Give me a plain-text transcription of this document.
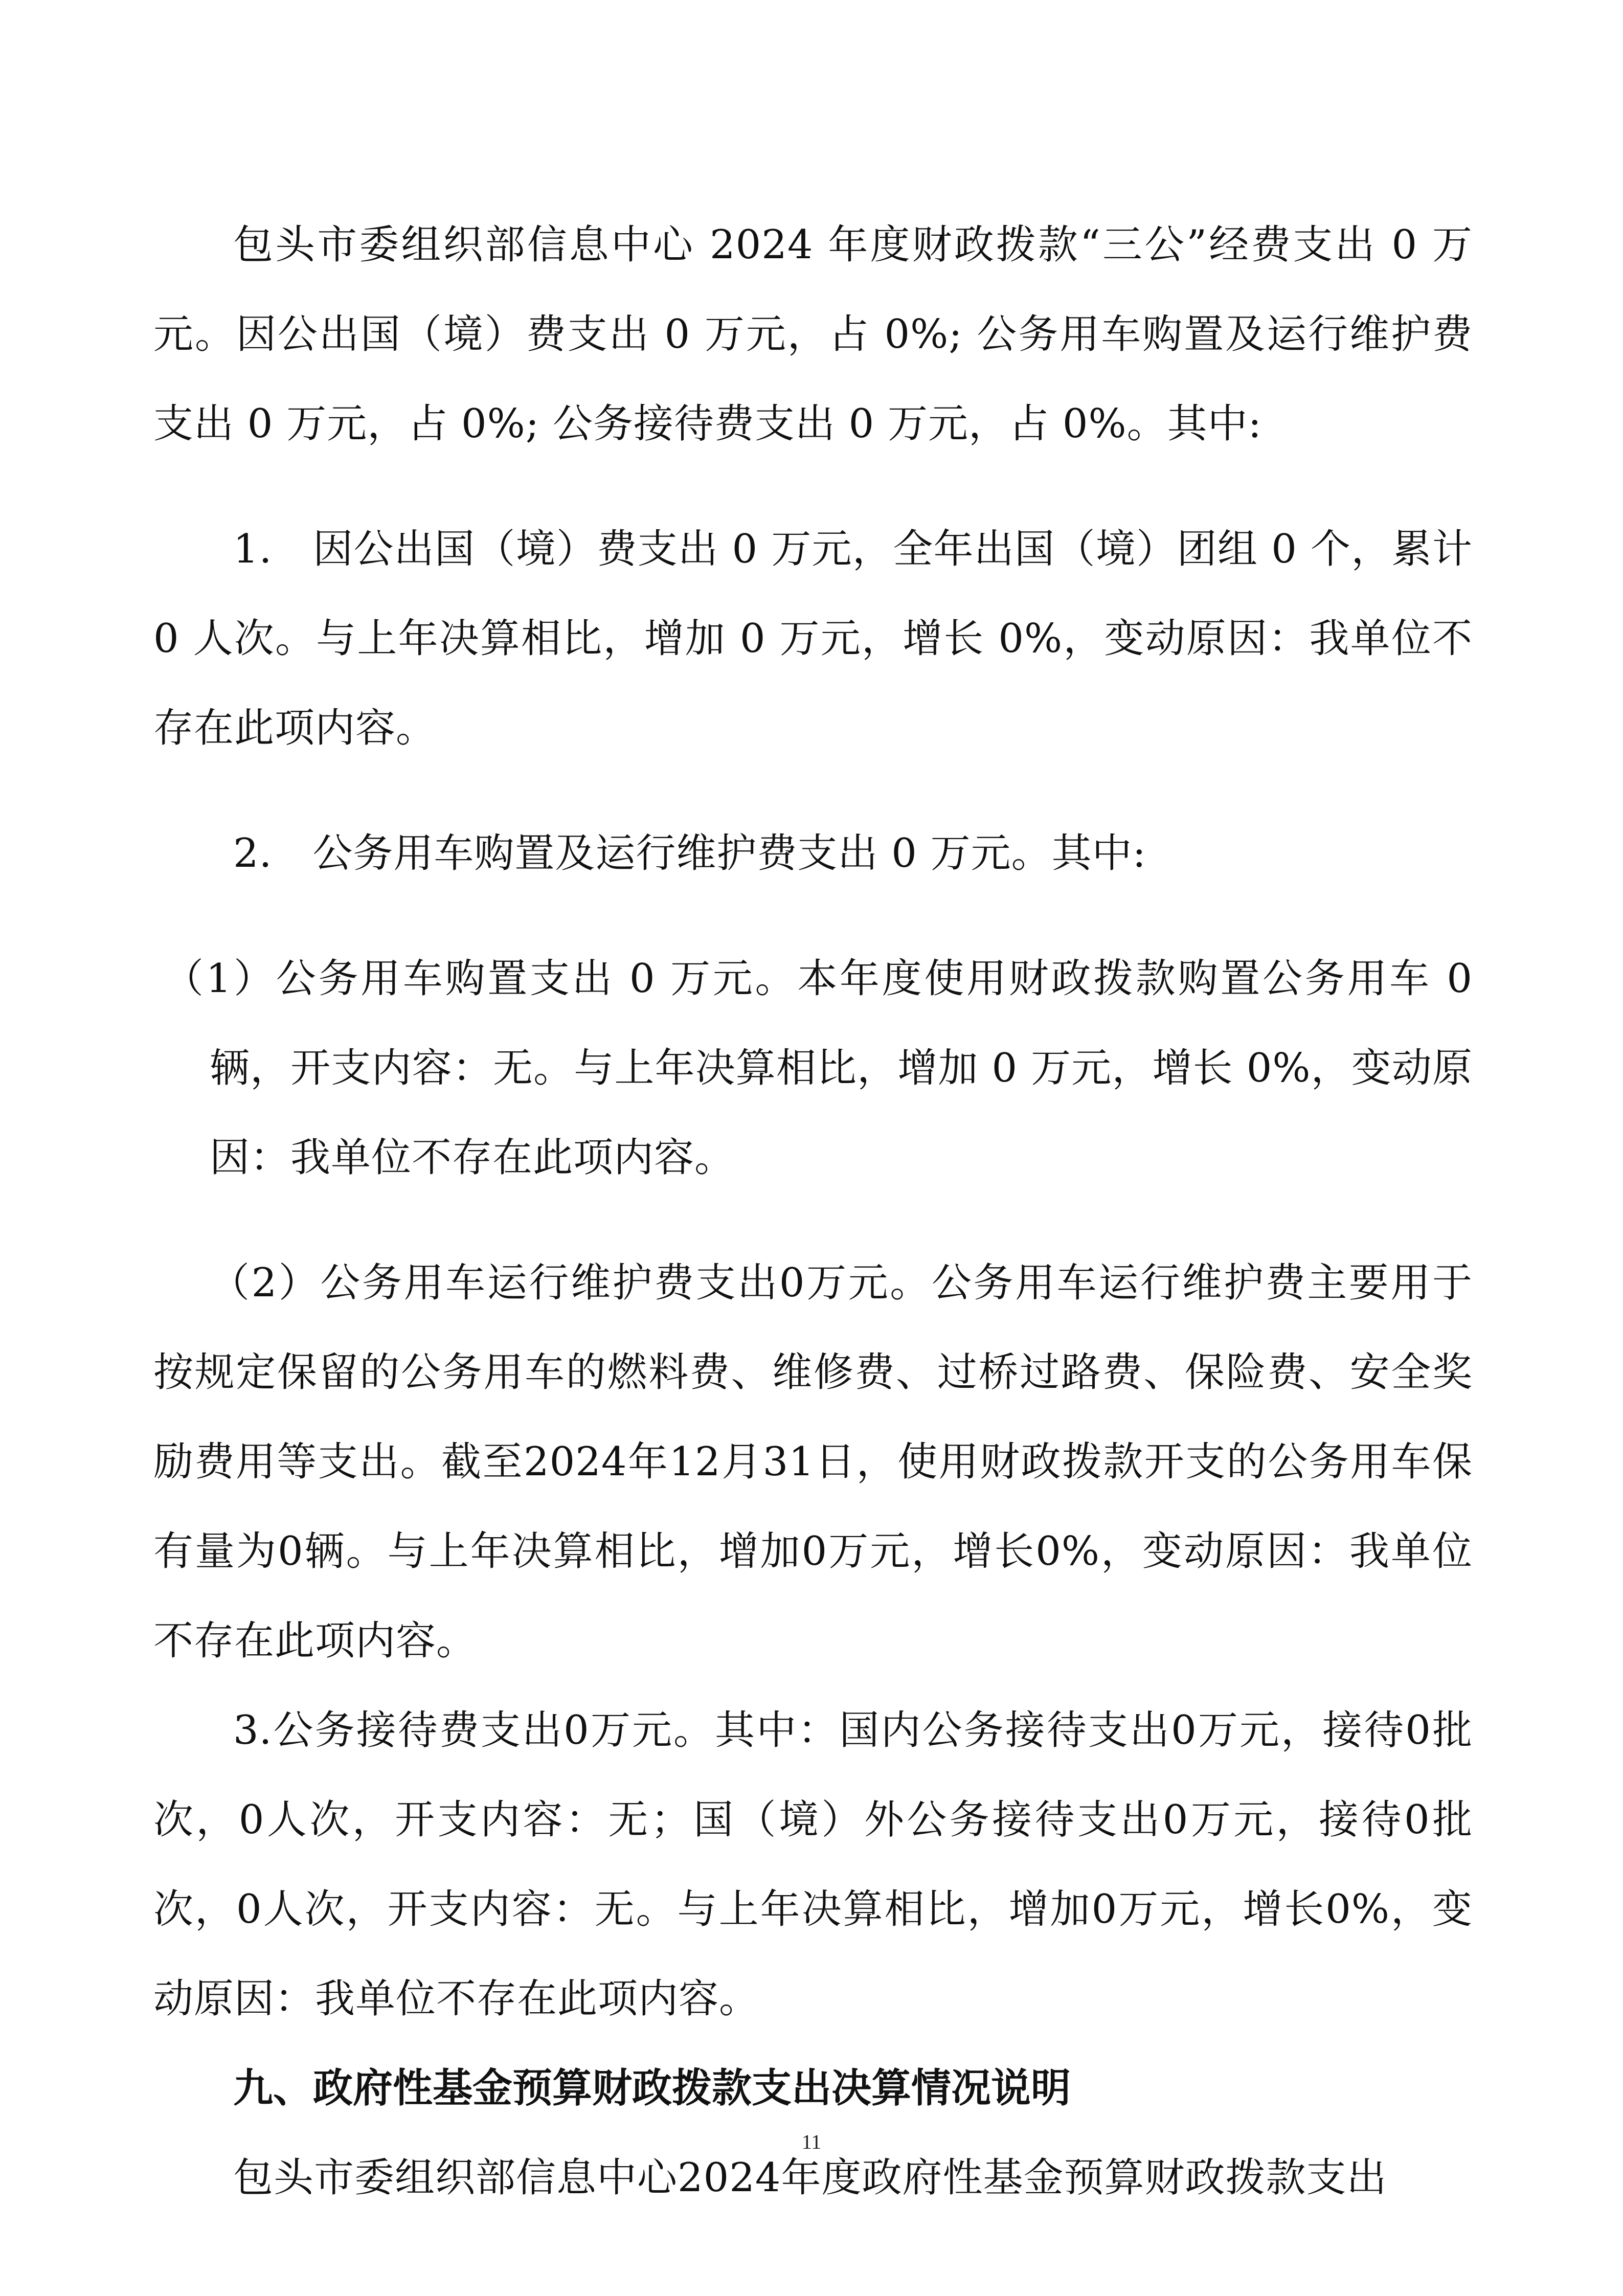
包头市委组织部信息中心 2024 年度财政拨款“三公”经费支出 0 万元。因公出国（境）费支出 0 万元，占 0%; 公务用车购置及运行维护费支出 0 万元，占 0%; 公务接待费支出 0 万元，占 0%。其中:

1.　因公出国（境）费支出 0 万元，全年出国（境）团组 0 个，累计 0 人次。与上年决算相比，增加 0 万元，增长 0%，变动原因：我单位不存在此项内容。

2.　公务用车购置及运行维护费支出 0 万元。其中:

（1）公务用车购置支出 0 万元。本年度使用财政拨款购置公务用车 0 辆，开支内容：无。与上年决算相比，增加 0 万元，增长 0%，变动原因：我单位不存在此项内容。

（2）公务用车运行维护费支出0万元。公务用车运行维护费主要用于按规定保留的公务用车的燃料费、维修费、过桥过路费、保险费、安全奖励费用等支出。截至2024年12月31日，使用财政拨款开支的公务用车保有量为0辆。与上年决算相比，增加0万元，增长0%，变动原因：我单位不存在此项内容。

3.公务接待费支出0万元。其中：国内公务接待支出0万元，接待0批次，0人次，开支内容：无；国（境）外公务接待支出0万元，接待0批次，0人次，开支内容：无。与上年决算相比，增加0万元，增长0%，变动原因：我单位不存在此项内容。

九、政府性基金预算财政拨款支出决算情况说明

包头市委组织部信息中心2024年度政府性基金预算财政拨款支出

11
